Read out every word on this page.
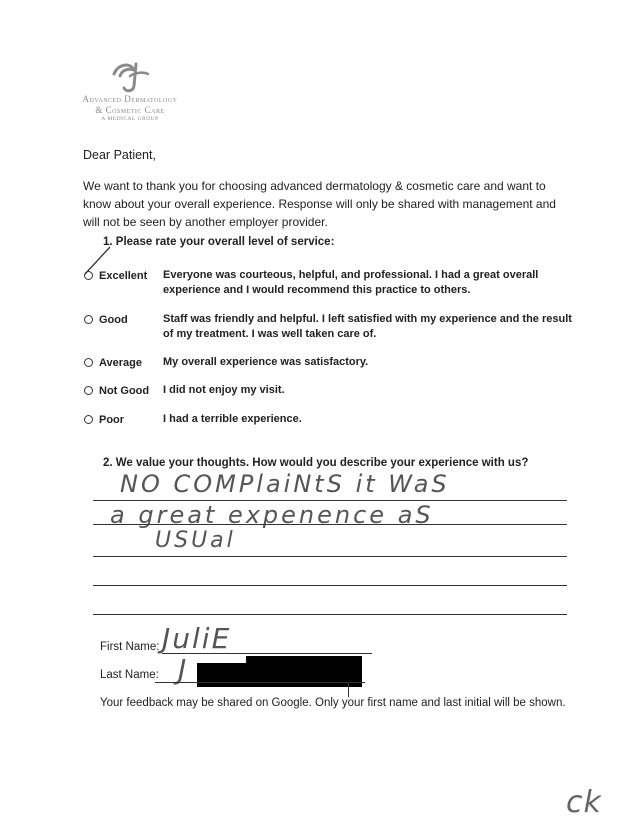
Advanced Dermatology
& Cosmetic Care
A MEDICAL GROUP
Dear Patient,
We want to thank you for choosing advanced dermatology & cosmetic care and want to know about your overall experience. Response will only be shared with management and will not be seen by another employer provider.
1. Please rate your overall level of service:
Excellent Everyone was courteous, helpful, and professional. I had a great overall experience and I would recommend this practice to others.
Good	Staff was friendly and helpful. I left satisfied with my experience and the result of my treatment. I was well taken care of.
Average My overall experience was satisfactory.
Not Good I did not enjoy my visit.
Poor	I had a terrible experience.
2. We value your thoughts. How would you describe your experience with us?
NO COMPlaiNtS it WaS
a great expenence aS
USUal
First Name: JuliE
Last Name: J
Your feedback may be shared on Google. Only your first name and last initial will be shown.
ck
